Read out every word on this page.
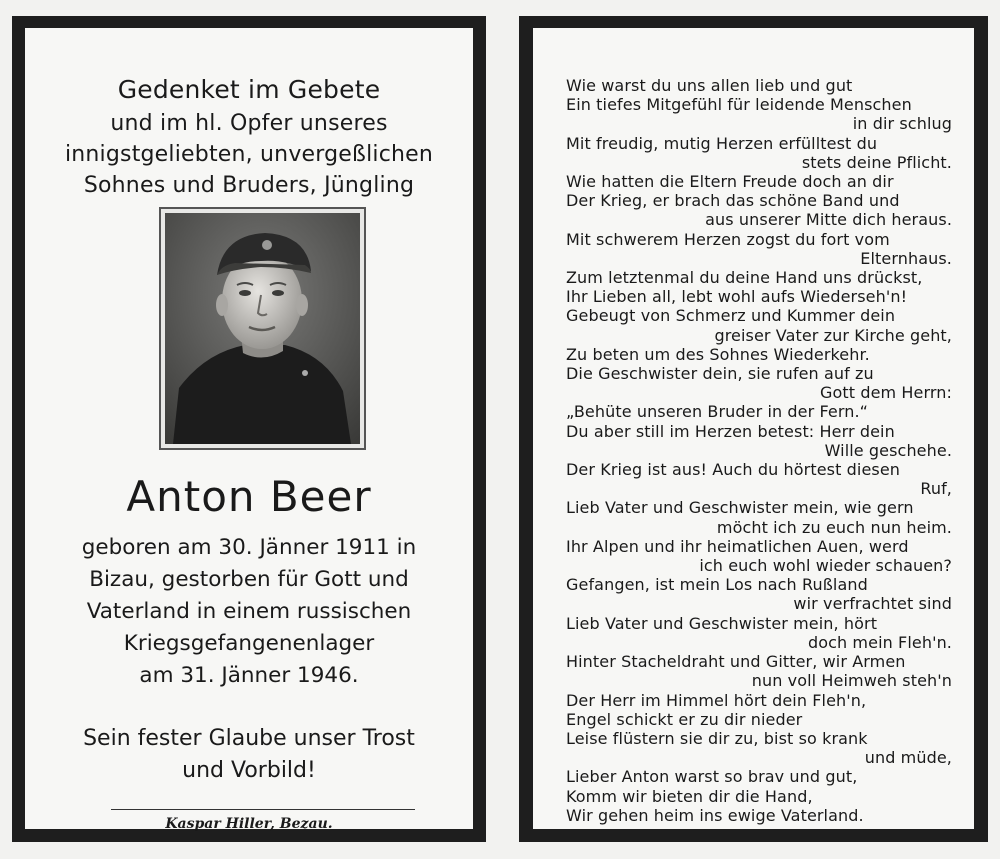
Gedenket im Gebete
und im hl. Opfer unseres
innigstgeliebten, unvergeßlichen
Sohnes und Bruders, Jüngling
Anton Beer
geboren am 30. Jänner 1911 in
Bizau, gestorben für Gott und
Vaterland in einem russischen
Kriegsgefangenenlager
am 31. Jänner 1946.
Sein fester Glaube unser Trost
und Vorbild!
Kaspar Hiller, Bezau.
Wie warst du uns allen lieb und gut
Ein tiefes Mitgefühl für leidende Menschen
in dir schlug
Mit freudig, mutig Herzen erfülltest du
stets deine Pflicht.
Wie hatten die Eltern Freude doch an dir
Der Krieg, er brach das schöne Band und
aus unserer Mitte dich heraus.
Mit schwerem Herzen zogst du fort vom
Elternhaus.
Zum letztenmal du deine Hand uns drückst,
Ihr Lieben all, lebt wohl aufs Wiederseh'n!
Gebeugt von Schmerz und Kummer dein
greiser Vater zur Kirche geht,
Zu beten um des Sohnes Wiederkehr.
Die Geschwister dein, sie rufen auf zu
Gott dem Herrn:
„Behüte unseren Bruder in der Fern.“
Du aber still im Herzen betest: Herr dein
Wille geschehe.
Der Krieg ist aus! Auch du hörtest diesen
Ruf,
Lieb Vater und Geschwister mein, wie gern
möcht ich zu euch nun heim.
Ihr Alpen und ihr heimatlichen Auen, werd
ich euch wohl wieder schauen?
Gefangen, ist mein Los nach Rußland
wir verfrachtet sind
Lieb Vater und Geschwister mein, hört
doch mein Fleh'n.
Hinter Stacheldraht und Gitter, wir Armen
nun voll Heimweh steh'n
Der Herr im Himmel hört dein Fleh'n,
Engel schickt er zu dir nieder
Leise flüstern sie dir zu, bist so krank
und müde,
Lieber Anton warst so brav und gut,
Komm wir bieten dir die Hand,
Wir gehen heim ins ewige Vaterland.
